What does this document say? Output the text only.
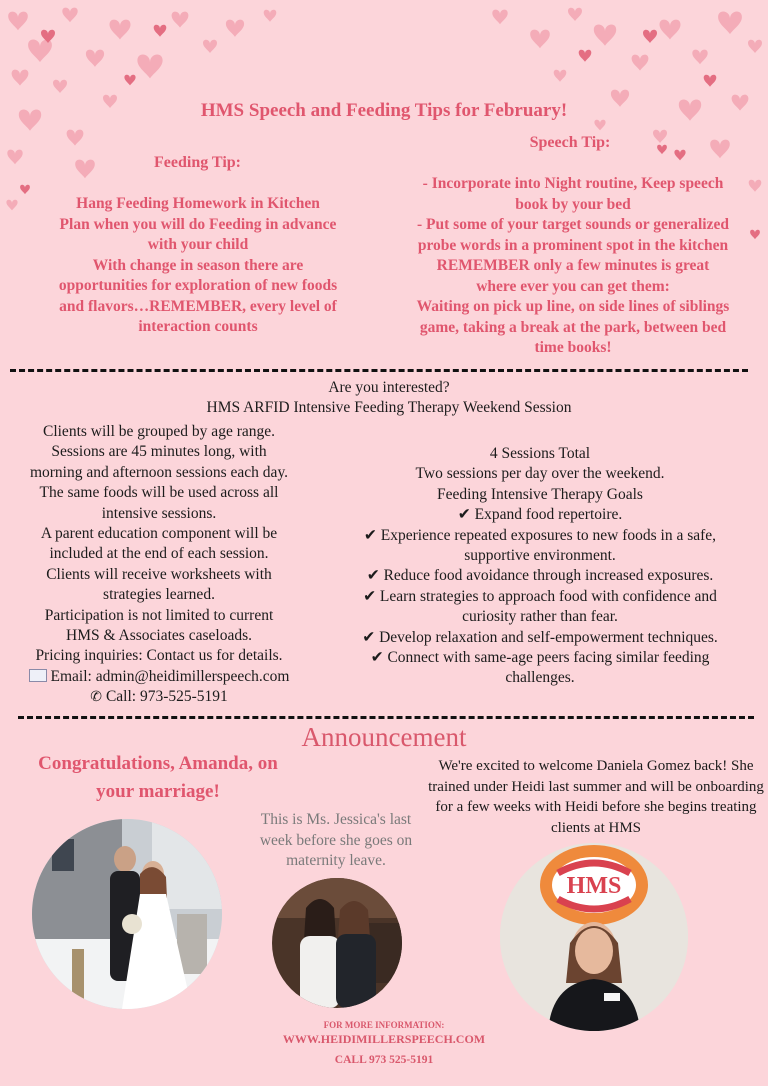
HMS Speech and Feeding Tips for February!
Feeding Tip:
Hang Feeding Homework in Kitchen
Plan when you will do Feeding in advance
with your child
With change in season there are
opportunities for exploration of new foods
and flavors…REMEMBER, every level of
interaction counts
Speech Tip:
- Incorporate into Night routine, Keep speech
book by your bed
- Put some of your target sounds or generalized
probe words in a prominent spot in the kitchen
REMEMBER only a few minutes is great
where ever you can get them:
Waiting on pick up line, on side lines of siblings
game, taking a break at the park, between bed
time books!
Are you interested?
HMS ARFID Intensive Feeding Therapy Weekend Session
Clients will be grouped by age range.
Sessions are 45 minutes long, with
morning and afternoon sessions each day.
The same foods will be used across all
intensive sessions.
A parent education component will be
included at the end of each session.
Clients will receive worksheets with
strategies learned.
Participation is not limited to current
HMS & Associates caseloads.
Pricing inquiries: Contact us for details.
Email: admin@heidimillerspeech.com
✆ Call: 973-525-5191
4 Sessions Total
Two sessions per day over the weekend.
Feeding Intensive Therapy Goals
✔ Expand food repertoire.
✔ Experience repeated exposures to new foods in a safe,
supportive environment.
✔ Reduce food avoidance through increased exposures.
✔ Learn strategies to approach food with confidence and
curiosity rather than fear.
✔ Develop relaxation and self-empowerment techniques.
✔ Connect with same-age peers facing similar feeding
challenges.
Announcement
Congratulations, Amanda, on your marriage!
This is Ms. Jessica's last week before she goes on maternity leave.
We're excited to welcome Daniela Gomez back! She trained under Heidi last summer and will be onboarding for a few weeks with Heidi before she begins treating clients at HMS
HMS
FOR MORE INFORMATION:
WWW.HEIDIMILLERSPEECH.COM
CALL 973 525-5191
